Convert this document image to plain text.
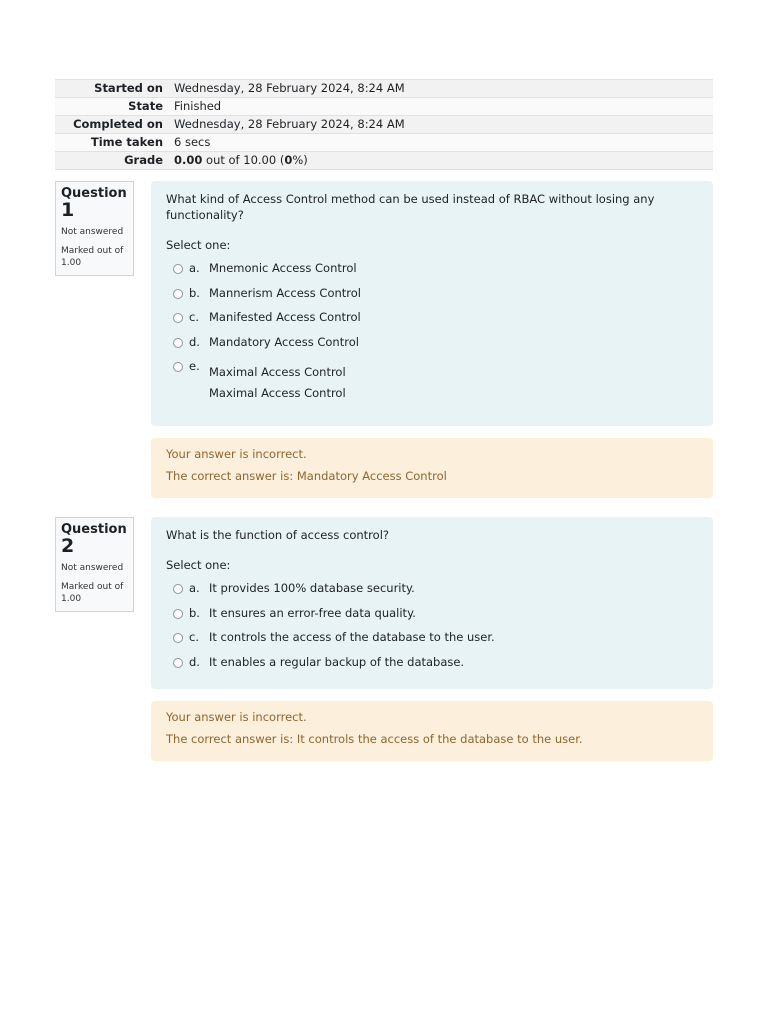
Started on	Wednesday, 28 February 2024, 8:24 AM
State	Finished
Completed on	Wednesday, 28 February 2024, 8:24 AM
Time taken	6 secs
Grade	0.00 out of 10.00 (0%)
Question
1
Not answered
Marked out of 1.00
What kind of Access Control method can be used instead of RBAC without losing any functionality?
Select one:
a. Mnemonic Access Control
b. Mannerism Access Control
c. Manifested Access Control
d. Mandatory Access Control
e. Maximal Access Control
Maximal Access Control
Your answer is incorrect.
The correct answer is: Mandatory Access Control
Question
2
Not answered
Marked out of 1.00
What is the function of access control?
Select one:
a. It provides 100% database security.
b. It ensures an error-free data quality.
c. It controls the access of the database to the user.
d. It enables a regular backup of the database.
Your answer is incorrect.
The correct answer is: It controls the access of the database to the user.
